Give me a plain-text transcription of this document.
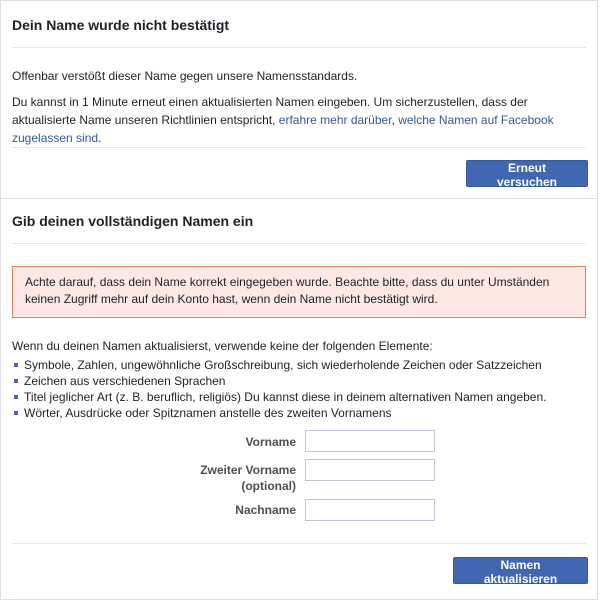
Dein Name wurde nicht bestätigt
Offenbar verstößt dieser Name gegen unsere Namensstandards.
Du kannst in 1 Minute erneut einen aktualisierten Namen eingeben. Um sicherzustellen, dass der aktualisierte Name unseren Richtlinien entspricht, erfahre mehr darüber, welche Namen auf Facebook zugelassen sind.
Erneut versuchen
Gib deinen vollständigen Namen ein
Achte darauf, dass dein Name korrekt eingegeben wurde. Beachte bitte, dass du unter Umständen keinen Zugriff mehr auf dein Konto hast, wenn dein Name nicht bestätigt wird.
Wenn du deinen Namen aktualisierst, verwende keine der folgenden Elemente:
Symbole, Zahlen, ungewöhnliche Großschreibung, sich wiederholende Zeichen oder Satzzeichen
Zeichen aus verschiedenen Sprachen
Titel jeglicher Art (z. B. beruflich, religiös) Du kannst diese in deinem alternativen Namen angeben.
Wörter, Ausdrücke oder Spitznamen anstelle des zweiten Vornamens
Vorname
Zweiter Vorname
(optional)
Nachname
Namen aktualisieren
